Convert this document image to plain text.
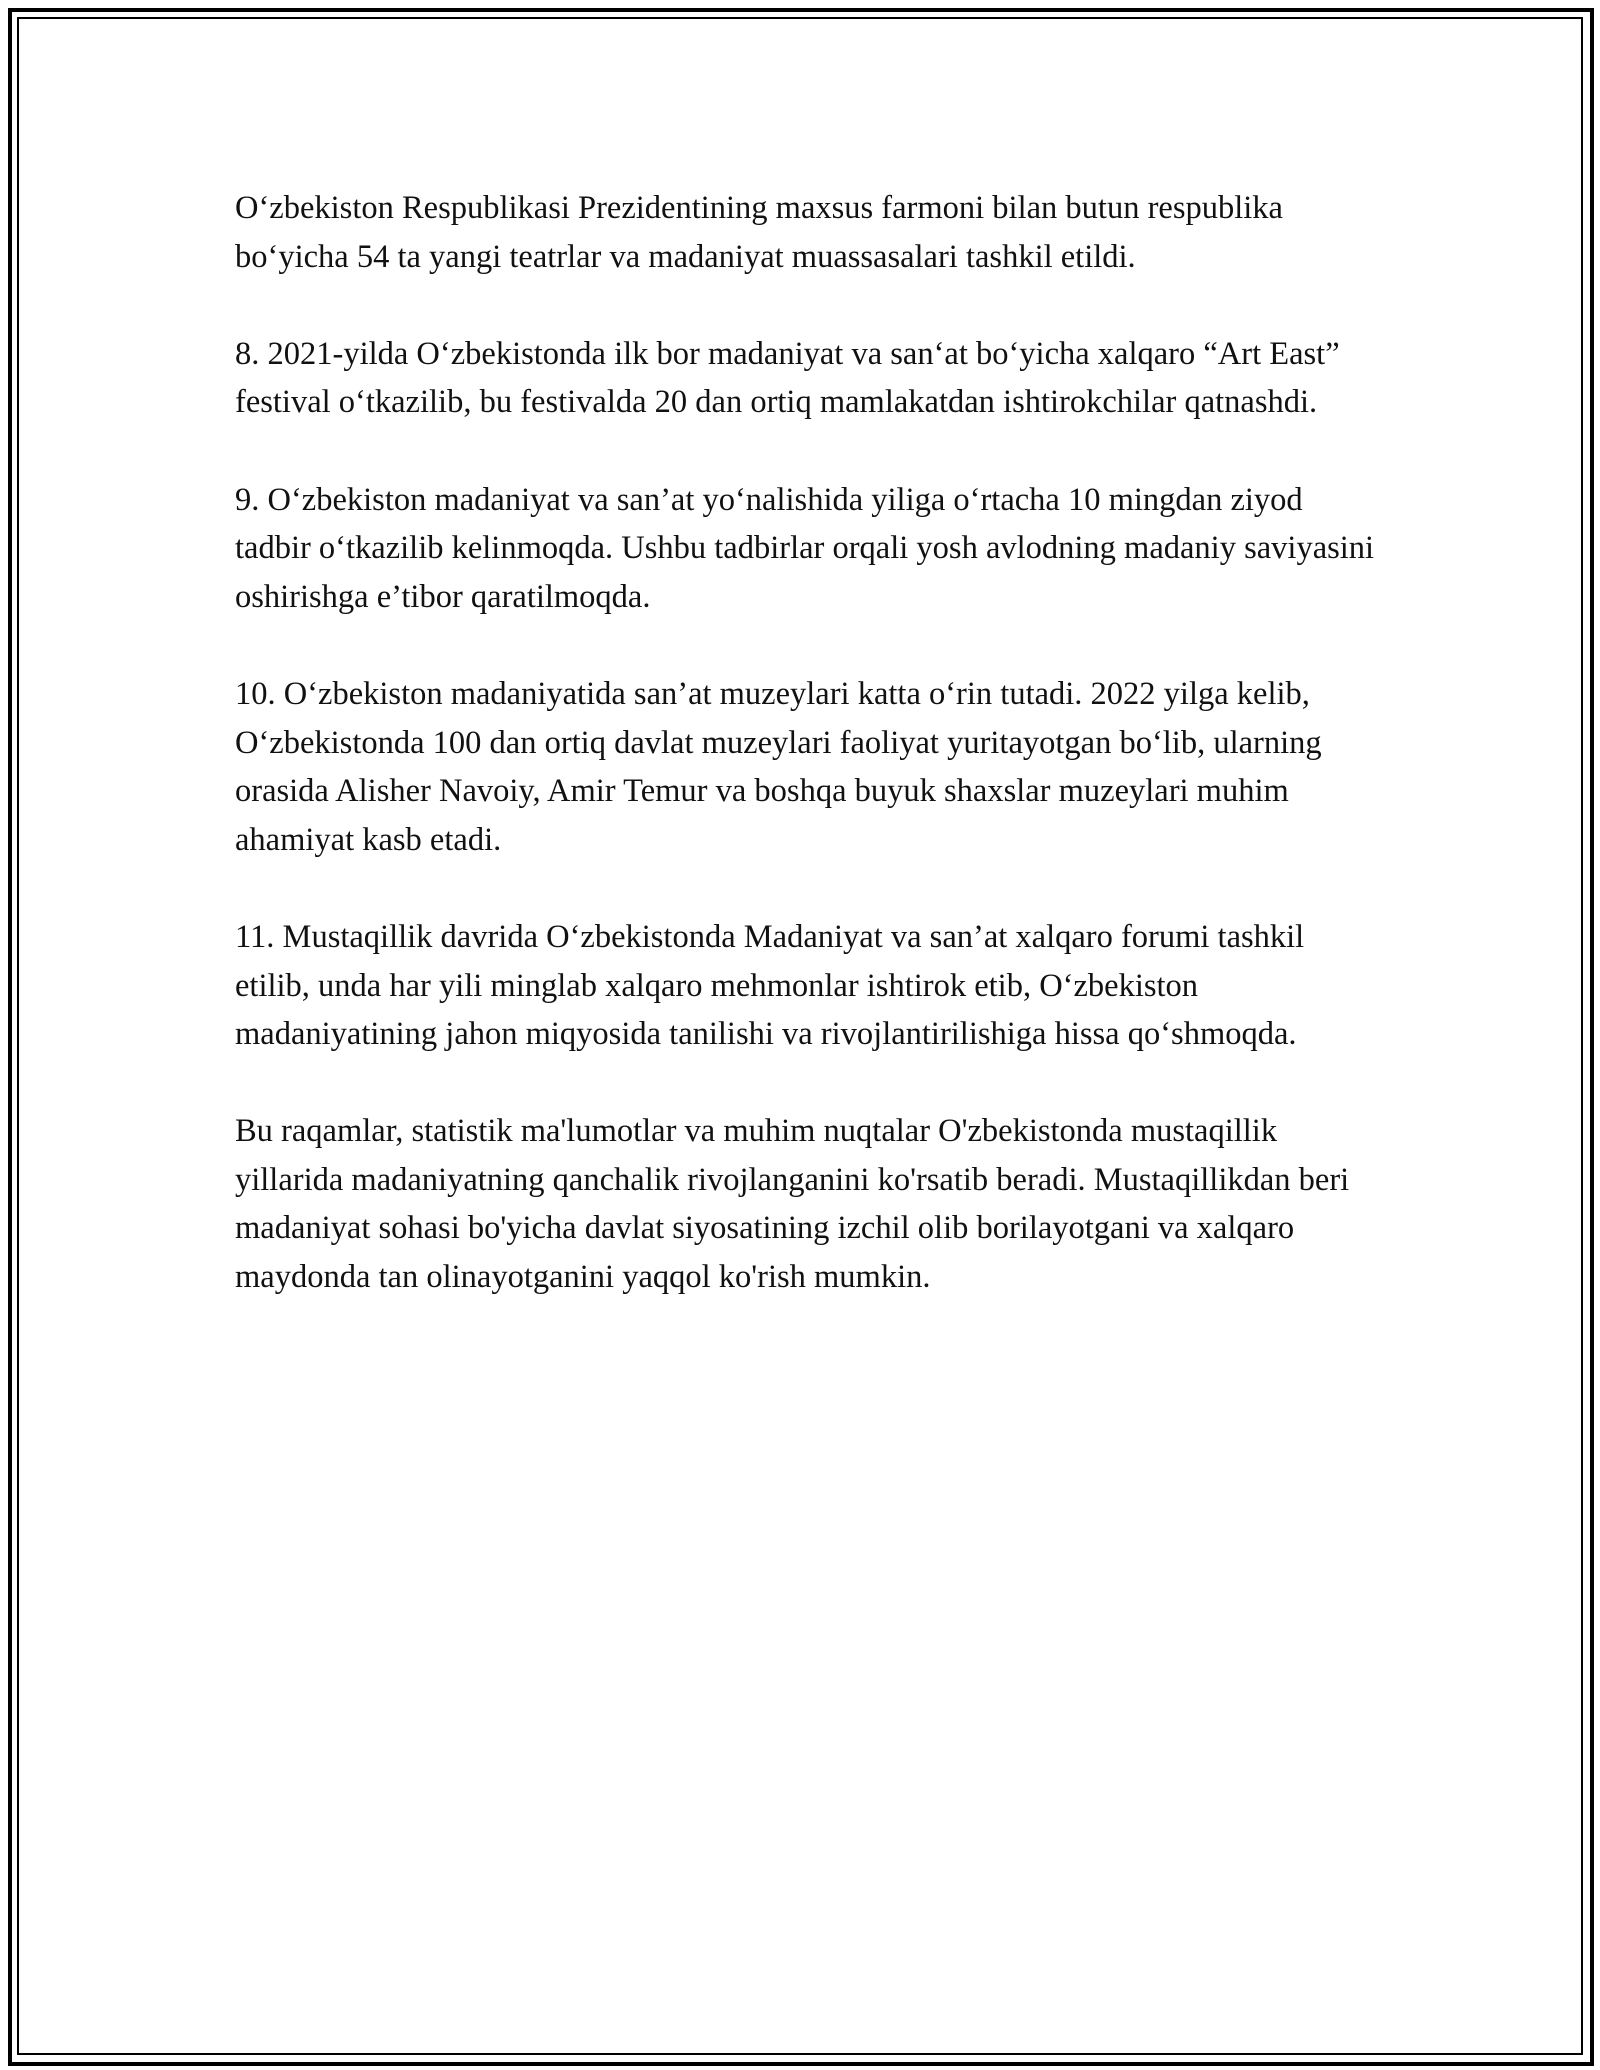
O‘zbekiston Respublikasi Prezidentining maxsus farmoni bilan butun respublika bo‘yicha 54 ta yangi teatrlar va madaniyat muassasalari tashkil etildi.

8. 2021-yilda O‘zbekistonda ilk bor madaniyat va san‘at bo‘yicha xalqaro “Art East” festival o‘tkazilib, bu festivalda 20 dan ortiq mamlakatdan ishtirokchilar qatnashdi.

9. O‘zbekiston madaniyat va san’at yo‘nalishida yiliga o‘rtacha 10 mingdan ziyod tadbir o‘tkazilib kelinmoqda. Ushbu tadbirlar orqali yosh avlodning madaniy saviyasini oshirishga e’tibor qaratilmoqda.

10. O‘zbekiston madaniyatida san’at muzeylari katta o‘rin tutadi. 2022 yilga kelib, O‘zbekistonda 100 dan ortiq davlat muzeylari faoliyat yuritayotgan bo‘lib, ularning orasida Alisher Navoiy, Amir Temur va boshqa buyuk shaxslar muzeylari muhim ahamiyat kasb etadi.

11. Mustaqillik davrida O‘zbekistonda Madaniyat va san’at xalqaro forumi tashkil etilib, unda har yili minglab xalqaro mehmonlar ishtirok etib, O‘zbekiston madaniyatining jahon miqyosida tanilishi va rivojlantirilishiga hissa qo‘shmoqda.

Bu raqamlar, statistik ma'lumotlar va muhim nuqtalar O'zbekistonda mustaqillik yillarida madaniyatning qanchalik rivojlanganini ko'rsatib beradi. Mustaqillikdan beri madaniyat sohasi bo'yicha davlat siyosatining izchil olib borilayotgani va xalqaro maydonda tan olinayotganini yaqqol ko'rish mumkin.
